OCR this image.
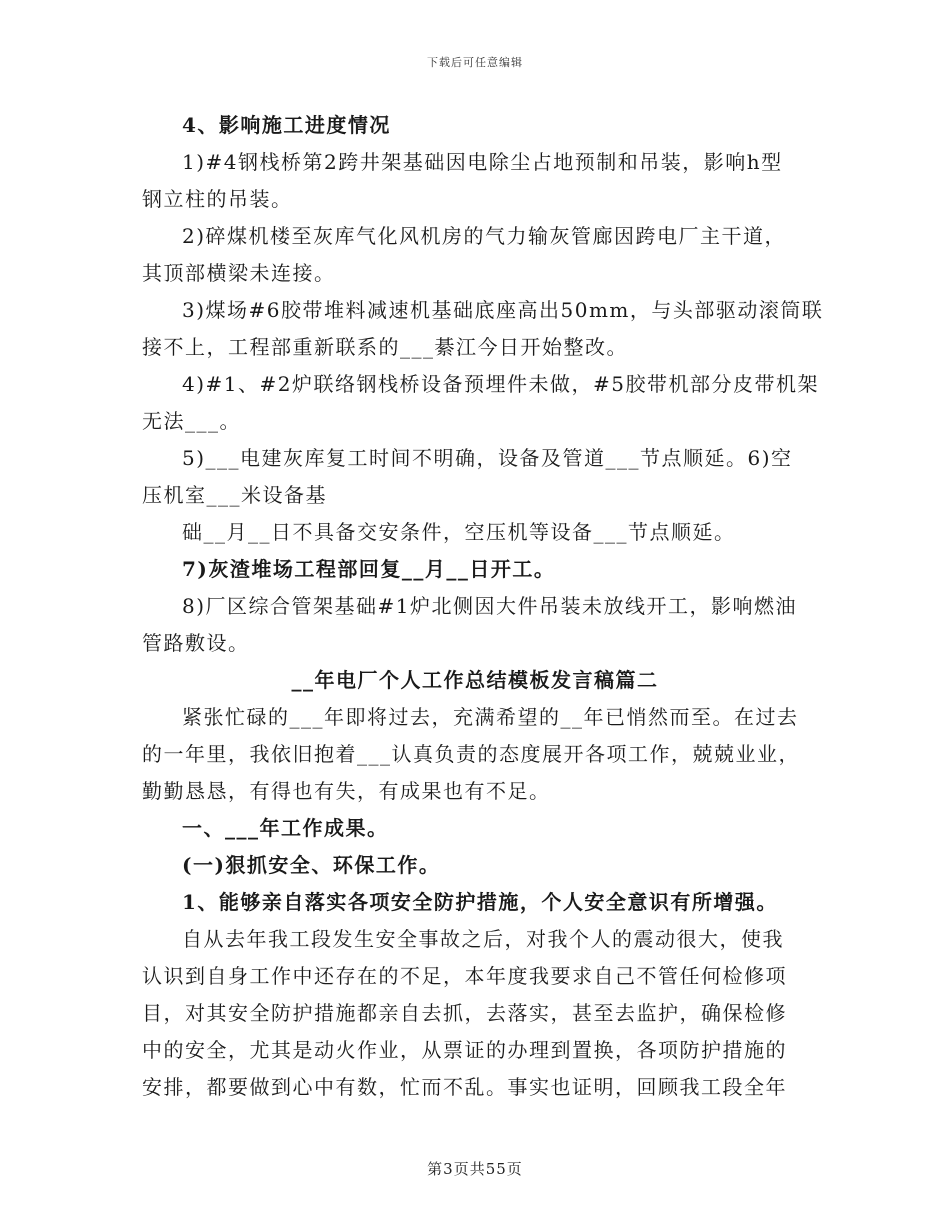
下载后可任意编辑
4、影响施工进度情况
1)#4钢栈桥第2跨井架基础因电除尘占地预制和吊装，影响h型
钢立柱的吊装。
2)碎煤机楼至灰库气化风机房的气力输灰管廊因跨电厂主干道，
其顶部横梁未连接。
3)煤场#6胶带堆料减速机基础底座高出50mm，与头部驱动滚筒联
接不上，工程部重新联系的___綦江今日开始整改。
4)#1、#2炉联络钢栈桥设备预埋件未做，#5胶带机部分皮带机架
无法___。
5)___电建灰库复工时间不明确，设备及管道___节点顺延。6)空
压机室___米设备基
础__月__日不具备交安条件，空压机等设备___节点顺延。
7)灰渣堆场工程部回复__月__日开工。
8)厂区综合管架基础#1炉北侧因大件吊装未放线开工，影响燃油
管路敷设。
__年电厂个人工作总结模板发言稿篇二
紧张忙碌的___年即将过去，充满希望的__年已悄然而至。在过去
的一年里，我依旧抱着___认真负责的态度展开各项工作，兢兢业业，
勤勤恳恳，有得也有失，有成果也有不足。
一、___年工作成果。
(一)狠抓安全、环保工作。
1、能够亲自落实各项安全防护措施，个人安全意识有所增强。
自从去年我工段发生安全事故之后，对我个人的震动很大，使我
认识到自身工作中还存在的不足，本年度我要求自己不管任何检修项
目，对其安全防护措施都亲自去抓，去落实，甚至去监护，确保检修
中的安全，尤其是动火作业，从票证的办理到置换，各项防护措施的
安排，都要做到心中有数，忙而不乱。事实也证明，回顾我工段全年
第3页共55页
